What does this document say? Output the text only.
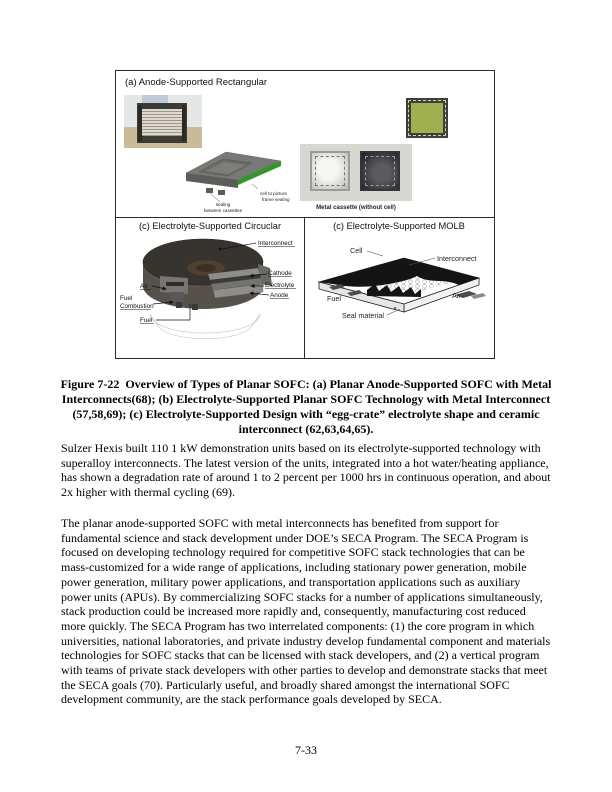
(a) Anode-Supported Rectangular
sealing
between cassettes
cell to picture
frame sealing
Metal cassette (without cell)
(c) Electrolyte-Supported Circuclar
Interconnect
Cathode
Electrolyte
Anode
Air
Fuel
Combustion
Fuel
(c) Electrolyte-Supported MOLB
Cell
Interconnect
Fuel	Air
Seal material
Figure 7-22  Overview of Types of Planar SOFC: (a) Planar Anode-Supported SOFC with Metal Interconnects(68); (b) Electrolyte-Supported Planar SOFC Technology with Metal Interconnect (57,58,69); (c) Electrolyte-Supported Design with “egg-crate” electrolyte shape and ceramic interconnect (62,63,64,65).
Sulzer Hexis built 110 1 kW demonstration units based on its electrolyte-supported technology with superalloy interconnects. The latest version of the units, integrated into a hot water/heating appliance, has shown a degradation rate of around 1 to 2 percent per 1000 hrs in continuous operation, and about 2x higher with thermal cycling (69).
The planar anode-supported SOFC with metal interconnects has benefited from support for fundamental science and stack development under DOE’s SECA Program. The SECA Program is focused on developing technology required for competitive SOFC stack technologies that can be mass-customized for a wide range of applications, including stationary power generation, mobile power generation, military power applications, and transportation applications such as auxiliary power units (APUs). By commercializing SOFC stacks for a number of applications simultaneously, stack production could be increased more rapidly and, consequently, manufacturing cost reduced more quickly. The SECA Program has two interrelated components: (1) the core program in which universities, national laboratories, and private industry develop fundamental component and materials technologies for SOFC stacks that can be licensed with stack developers, and (2) a vertical program with teams of private stack developers with other parties to develop and demonstrate stacks that meet the SECA goals (70). Particularly useful, and broadly shared amongst the international SOFC development community, are the stack performance goals developed by SECA.
7-33
